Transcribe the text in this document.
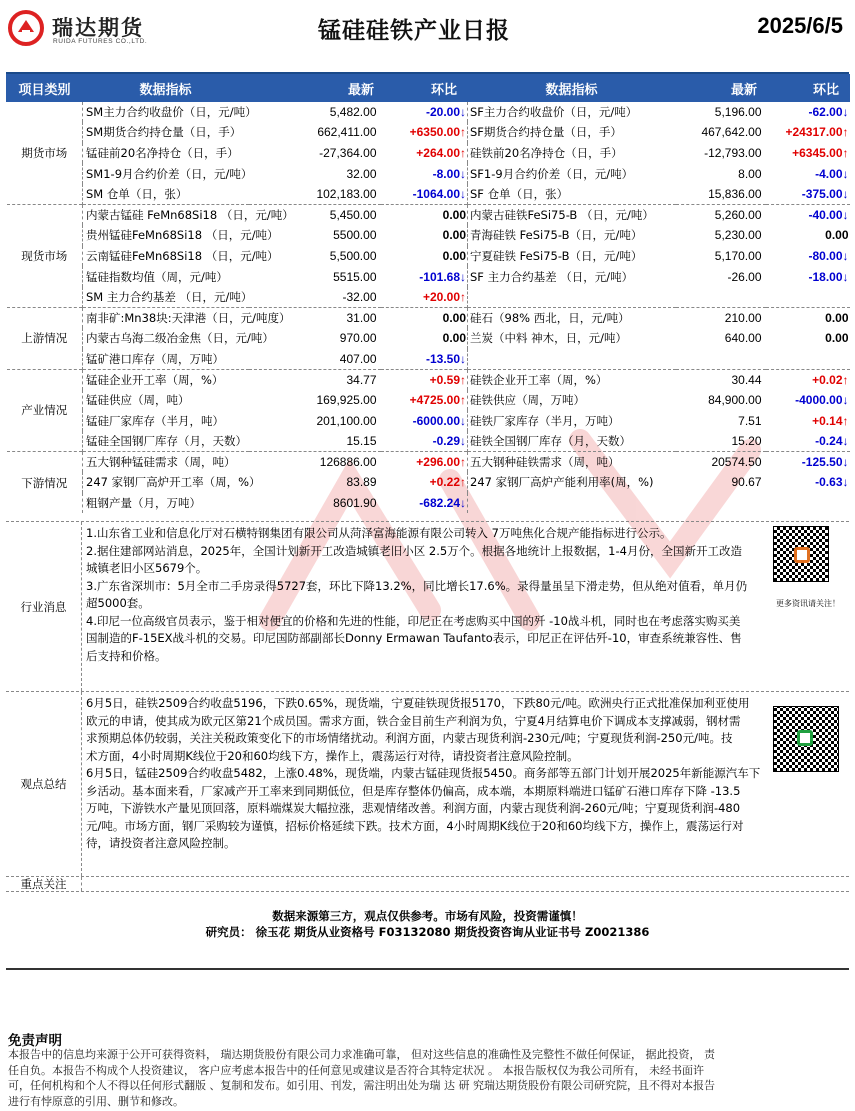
瑞达期货
RUIDA FUTURES CO.,LTD.	锰硅硅铁产业日报	2025/6/5
项目类别	数据指标	最新	环比	数据指标	最新	环比
期货市场	SM主力合约收盘价（日，元/吨）	5,482.00	-20.00↓	SF主力合约收盘价（日，元/吨）	5,196.00	-62.00↓
	SM期货合约持仓量（日，手）	662,411.00	+6350.00↑	SF期货合约持仓量（日，手）	467,642.00	+24317.00↑
	锰硅前20名净持仓（日，手）	-27,364.00	+264.00↑	硅铁前20名净持仓（日，手）	-12,793.00	+6345.00↑
	SM1-9月合约价差（日，元/吨）	32.00	-8.00↓	SF1-9月合约价差（日，元/吨）	8.00	-4.00↓
	SM 仓单（日，张）	102,183.00	-1064.00↓	SF 仓单（日，张）	15,836.00	-375.00↓
现货市场	内蒙古锰硅 FeMn68Si18 （日，元/吨）	5,450.00	0.00	内蒙古硅铁FeSi75-B （日，元/吨）	5,260.00	-40.00↓
	贵州锰硅FeMn68Si18 （日，元/吨）	5500.00	0.00	青海硅铁 FeSi75-B（日，元/吨）	5,230.00	0.00
	云南锰硅FeMn68Si18 （日，元/吨）	5,500.00	0.00	宁夏硅铁 FeSi75-B（日，元/吨）	5,170.00	-80.00↓
	锰硅指数均值（周，元/吨）	5515.00	-101.68↓	SF 主力合约基差 （日，元/吨）	-26.00	-18.00↓
	SM 主力合约基差 （日，元/吨）	-32.00	+20.00↑			
上游情况	南非矿:Mn38块:天津港（日，元/吨度）	31.00	0.00	硅石（98% 西北，日，元/吨）	210.00	0.00
	内蒙古乌海二级冶金焦（日，元/吨）	970.00	0.00	兰炭（中料 神木，日，元/吨）	640.00	0.00
	锰矿港口库存（周，万吨）	407.00	-13.50↓			
产业情况	锰硅企业开工率（周，%）	34.77	+0.59↑	硅铁企业开工率（周，%）	30.44	+0.02↑
	锰硅供应（周，吨）	169,925.00	+4725.00↑	硅铁供应（周，万吨）	84,900.00	-4000.00↓
	锰硅厂家库存（半月，吨）	201,100.00	-6000.00↓	硅铁厂家库存（半月，万吨）	7.51	+0.14↑
	锰硅全国钢厂库存（月，天数）	15.15	-0.29↓	硅铁全国钢厂库存（月，天数）	15.20	-0.24↓
下游情况	五大钢种锰硅需求（周，吨）	126886.00	+296.00↑	五大钢种硅铁需求（周，吨）	20574.50	-125.50↓
	247 家钢厂高炉开工率（周，%）	83.89	+0.22↑	247 家钢厂高炉产能利用率(周，%)	90.67	-0.63↓
	粗钢产量（月，万吨）	8601.90	-682.24↓			
行业消息

1.山东省工业和信息化厅对石横特钢集团有限公司从菏泽富海能源有限公司转入 7万吨焦化合规产能指标进行公示。

2.据住建部网站消息，2025年，全国计划新开工改造城镇老旧小区 2.5万个。根据各地统计上报数据，1-4月份，全国新开工改造

城镇老旧小区5679个。

3.广东省深圳市：5月全市二手房录得5727套，环比下降13.2%，同比增长17.6%。录得量虽呈下滑走势，但从绝对值看，单月仍

超5000套。

4.印尼一位高级官员表示，鉴于相对便宜的价格和先进的性能，印尼正在考虑购买中国的歼 -10战斗机，同时也在考虑落实购买美

国制造的F-15EX战斗机的交易。印尼国防部副部长Donny Ermawan Taufanto表示，印尼正在评估歼-10，审查系统兼容性、售

后支持和价格。

更多资讯请关注！
观点总结

6月5日，硅铁2509合约收盘5196，下跌0.65%，现货端，宁夏硅铁现货报5170，下跌80元/吨。欧洲央行正式批准保加利亚使用

欧元的申请，使其成为欧元区第21个成员国。需求方面，铁合金目前生产利润为负，宁夏4月结算电价下调成本支撑减弱，钢材需

求预期总体仍较弱，关注关税政策变化下的市场情绪扰动。利润方面，内蒙古现货利润-230元/吨；宁夏现货利润-250元/吨。技

术方面，4小时周期K线位于20和60均线下方，操作上，震荡运行对待，请投资者注意风险控制。

6月5日，锰硅2509合约收盘5482，上涨0.48%，现货端，内蒙古锰硅现货报5450。商务部等五部门计划开展2025年新能源汽车下

乡活动。基本面来看，厂家减产开工率来到同期低位，但是库存整体仍偏高，成本端，本期原料端进口锰矿石港口库存下降 -13.5

万吨，下游铁水产量见顶回落，原料端煤炭大幅拉涨，悲观情绪改善。利润方面，内蒙古现货利润-260元/吨；宁夏现货利润-480

元/吨。市场方面，钢厂采购较为谨慎，招标价格延续下跌。技术方面，4小时周期K线位于20和60均线下方，操作上，震荡运行对

待，请投资者注意风险控制。

重点关注
数据来源第三方，观点仅供参考。市场有风险，投资需谨慎！
研究员： 徐玉花 期货从业资格号 F03132080 期货投资咨询从业证书号 Z0021386
免责声明

本报告中的信息均来源于公开可获得资料， 瑞达期货股份有限公司力求准确可靠， 但对这些信息的准确性及完整性不做任何保证， 据此投资， 责

任自负。本报告不构成个人投资建议， 客户应考虑本报告中的任何意见或建议是否符合其特定状况 。 本报告版权仅为我公司所有， 未经书面许

可，任何机构和个人不得以任何形式翻版 、复制和发布。如引用、刊发，需注明出处为瑞 达 研 究瑞达期货股份有限公司研究院，且不得对本报告

进行有悖原意的引用、删节和修改。
